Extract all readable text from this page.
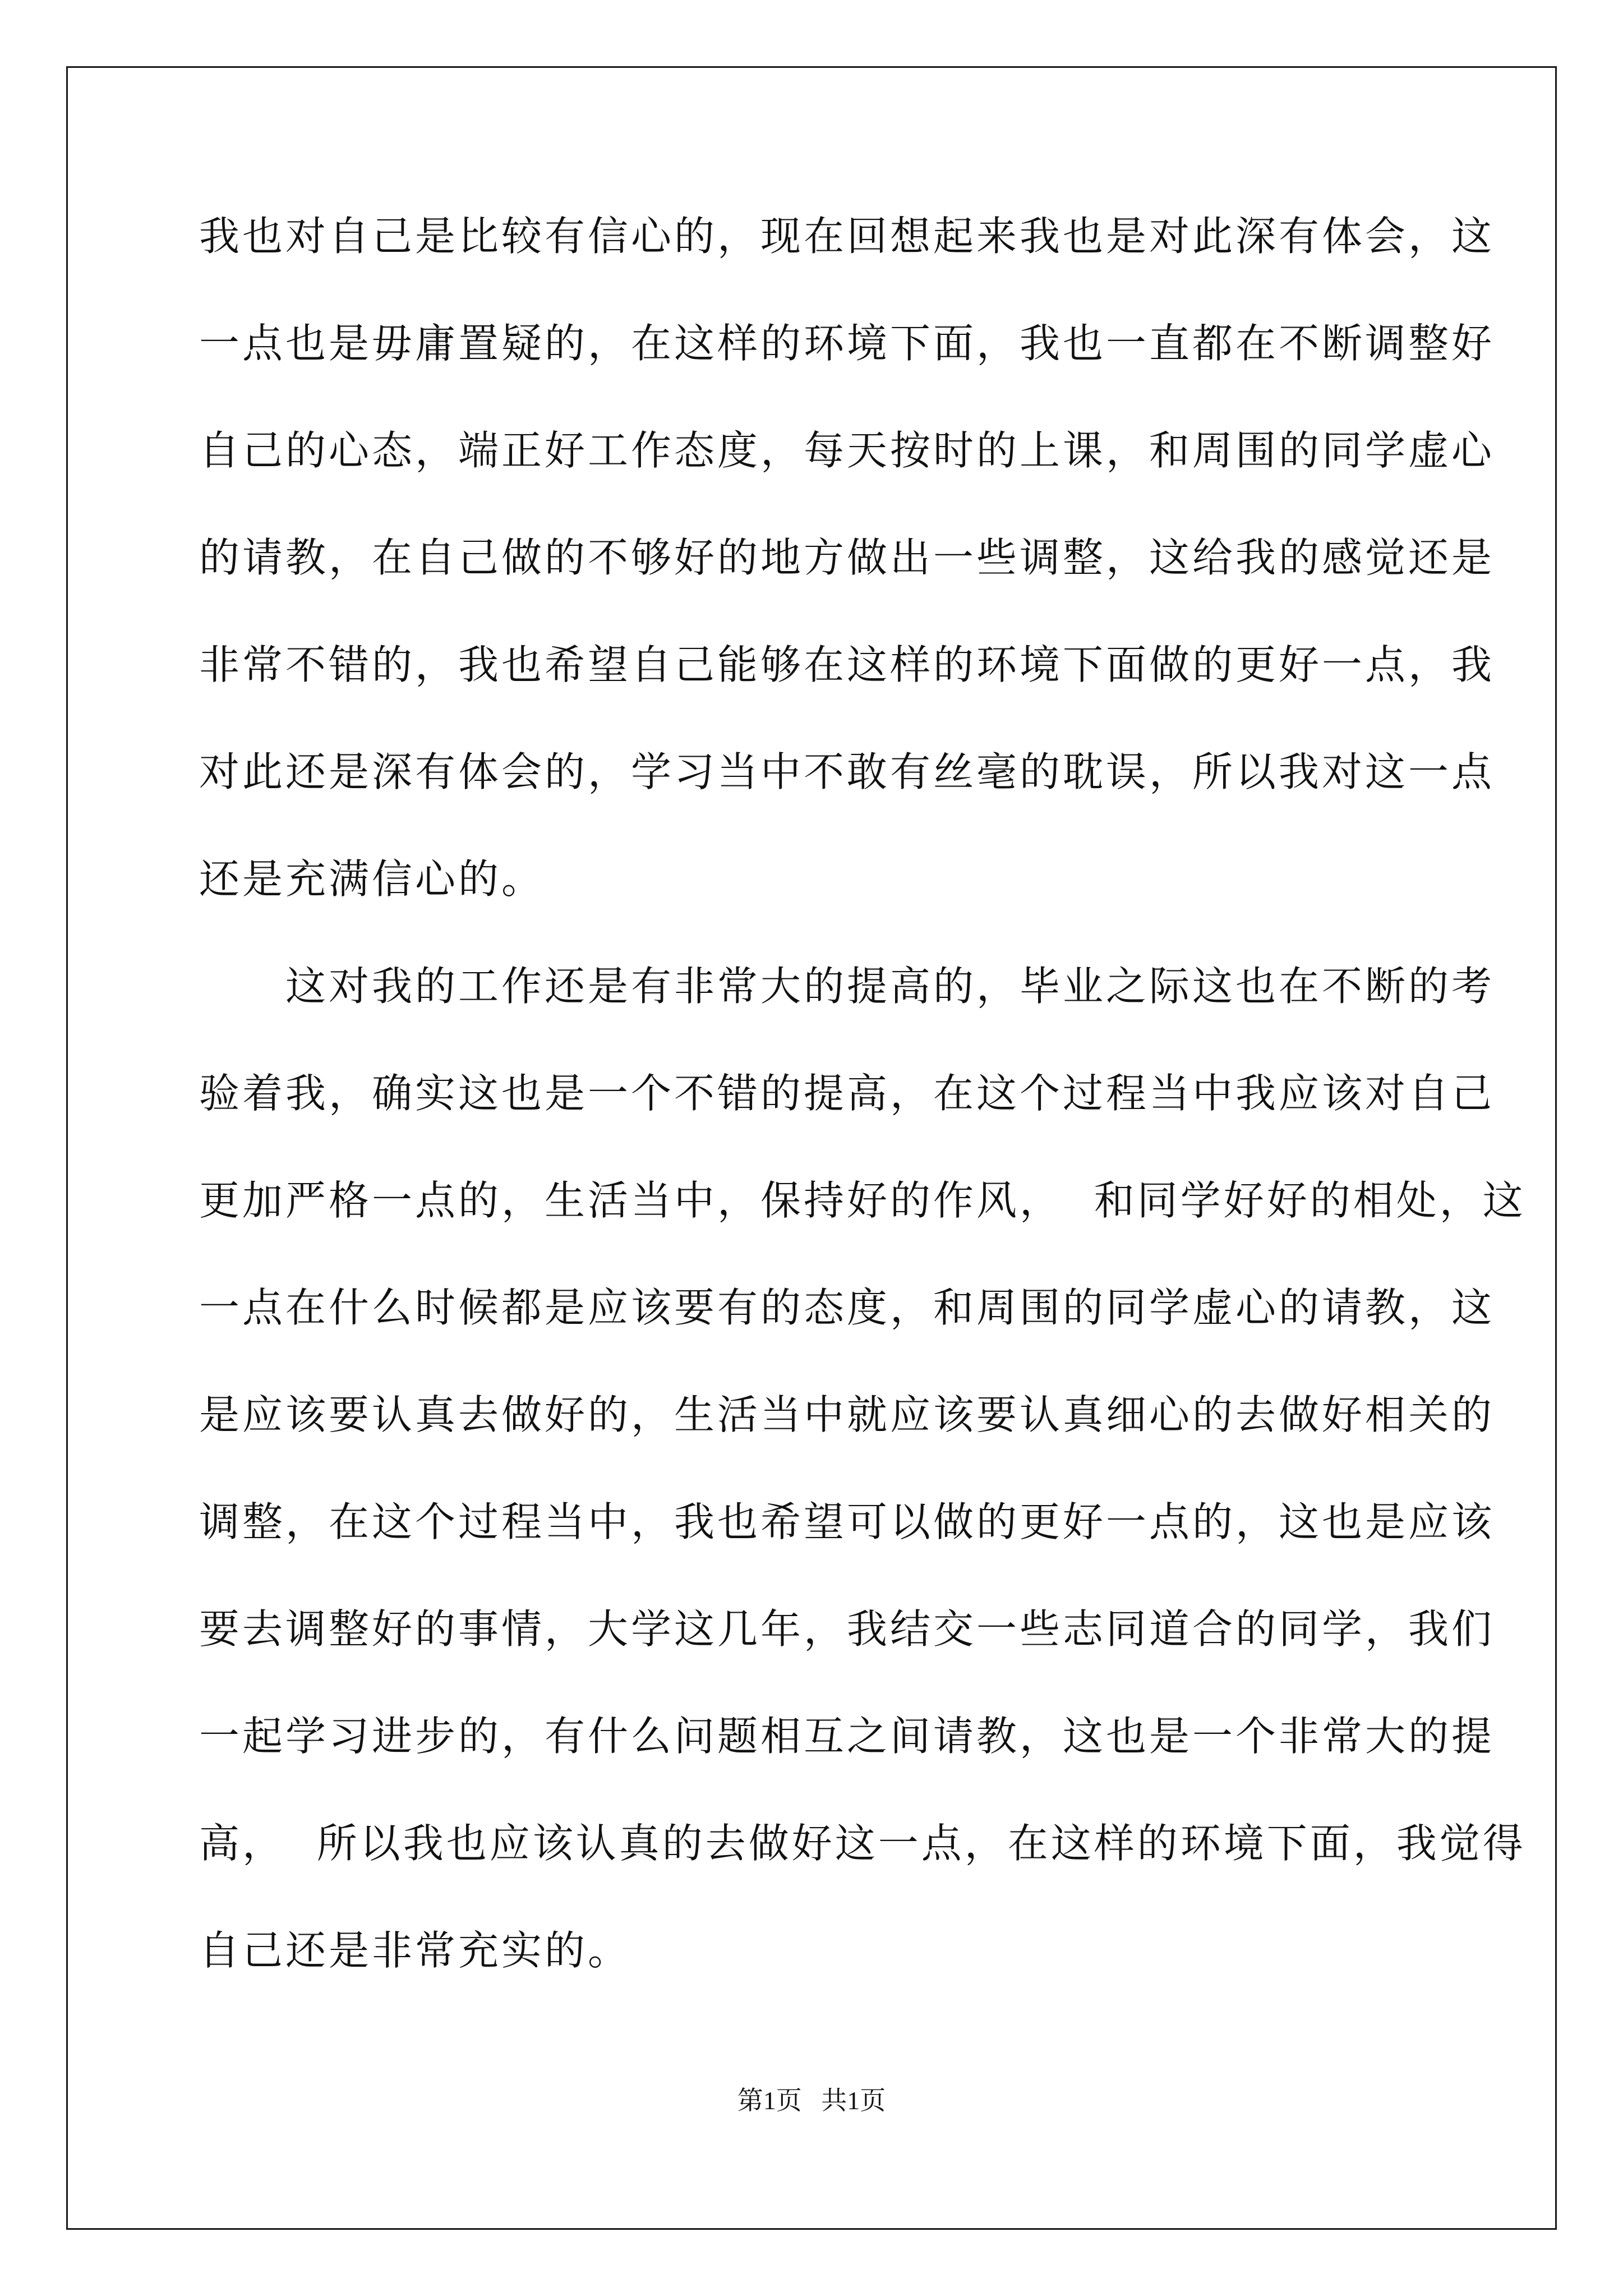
我也对自己是比较有信心的，现在回想起来我也是对此深有体会，这
一点也是毋庸置疑的，在这样的环境下面，我也一直都在不断调整好
自己的心态，端正好工作态度，每天按时的上课，和周围的同学虚心
的请教，在自己做的不够好的地方做出一些调整，这给我的感觉还是
非常不错的，我也希望自己能够在这样的环境下面做的更好一点，我
对此还是深有体会的，学习当中不敢有丝毫的耽误，所以我对这一点
还是充满信心的。
　　这对我的工作还是有非常大的提高的，毕业之际这也在不断的考
验着我，确实这也是一个不错的提高，在这个过程当中我应该对自己
更加严格一点的，生活当中，保持好的作风，  和同学好好的相处，这
一点在什么时候都是应该要有的态度，和周围的同学虚心的请教，这
是应该要认真去做好的，生活当中就应该要认真细心的去做好相关的
调整，在这个过程当中，我也希望可以做的更好一点的，这也是应该
要去调整好的事情，大学这几年，我结交一些志同道合的同学，我们
一起学习进步的，有什么问题相互之间请教，这也是一个非常大的提
高，  所以我也应该认真的去做好这一点，在这样的环境下面，我觉得
自己还是非常充实的。
第1页   共1页
